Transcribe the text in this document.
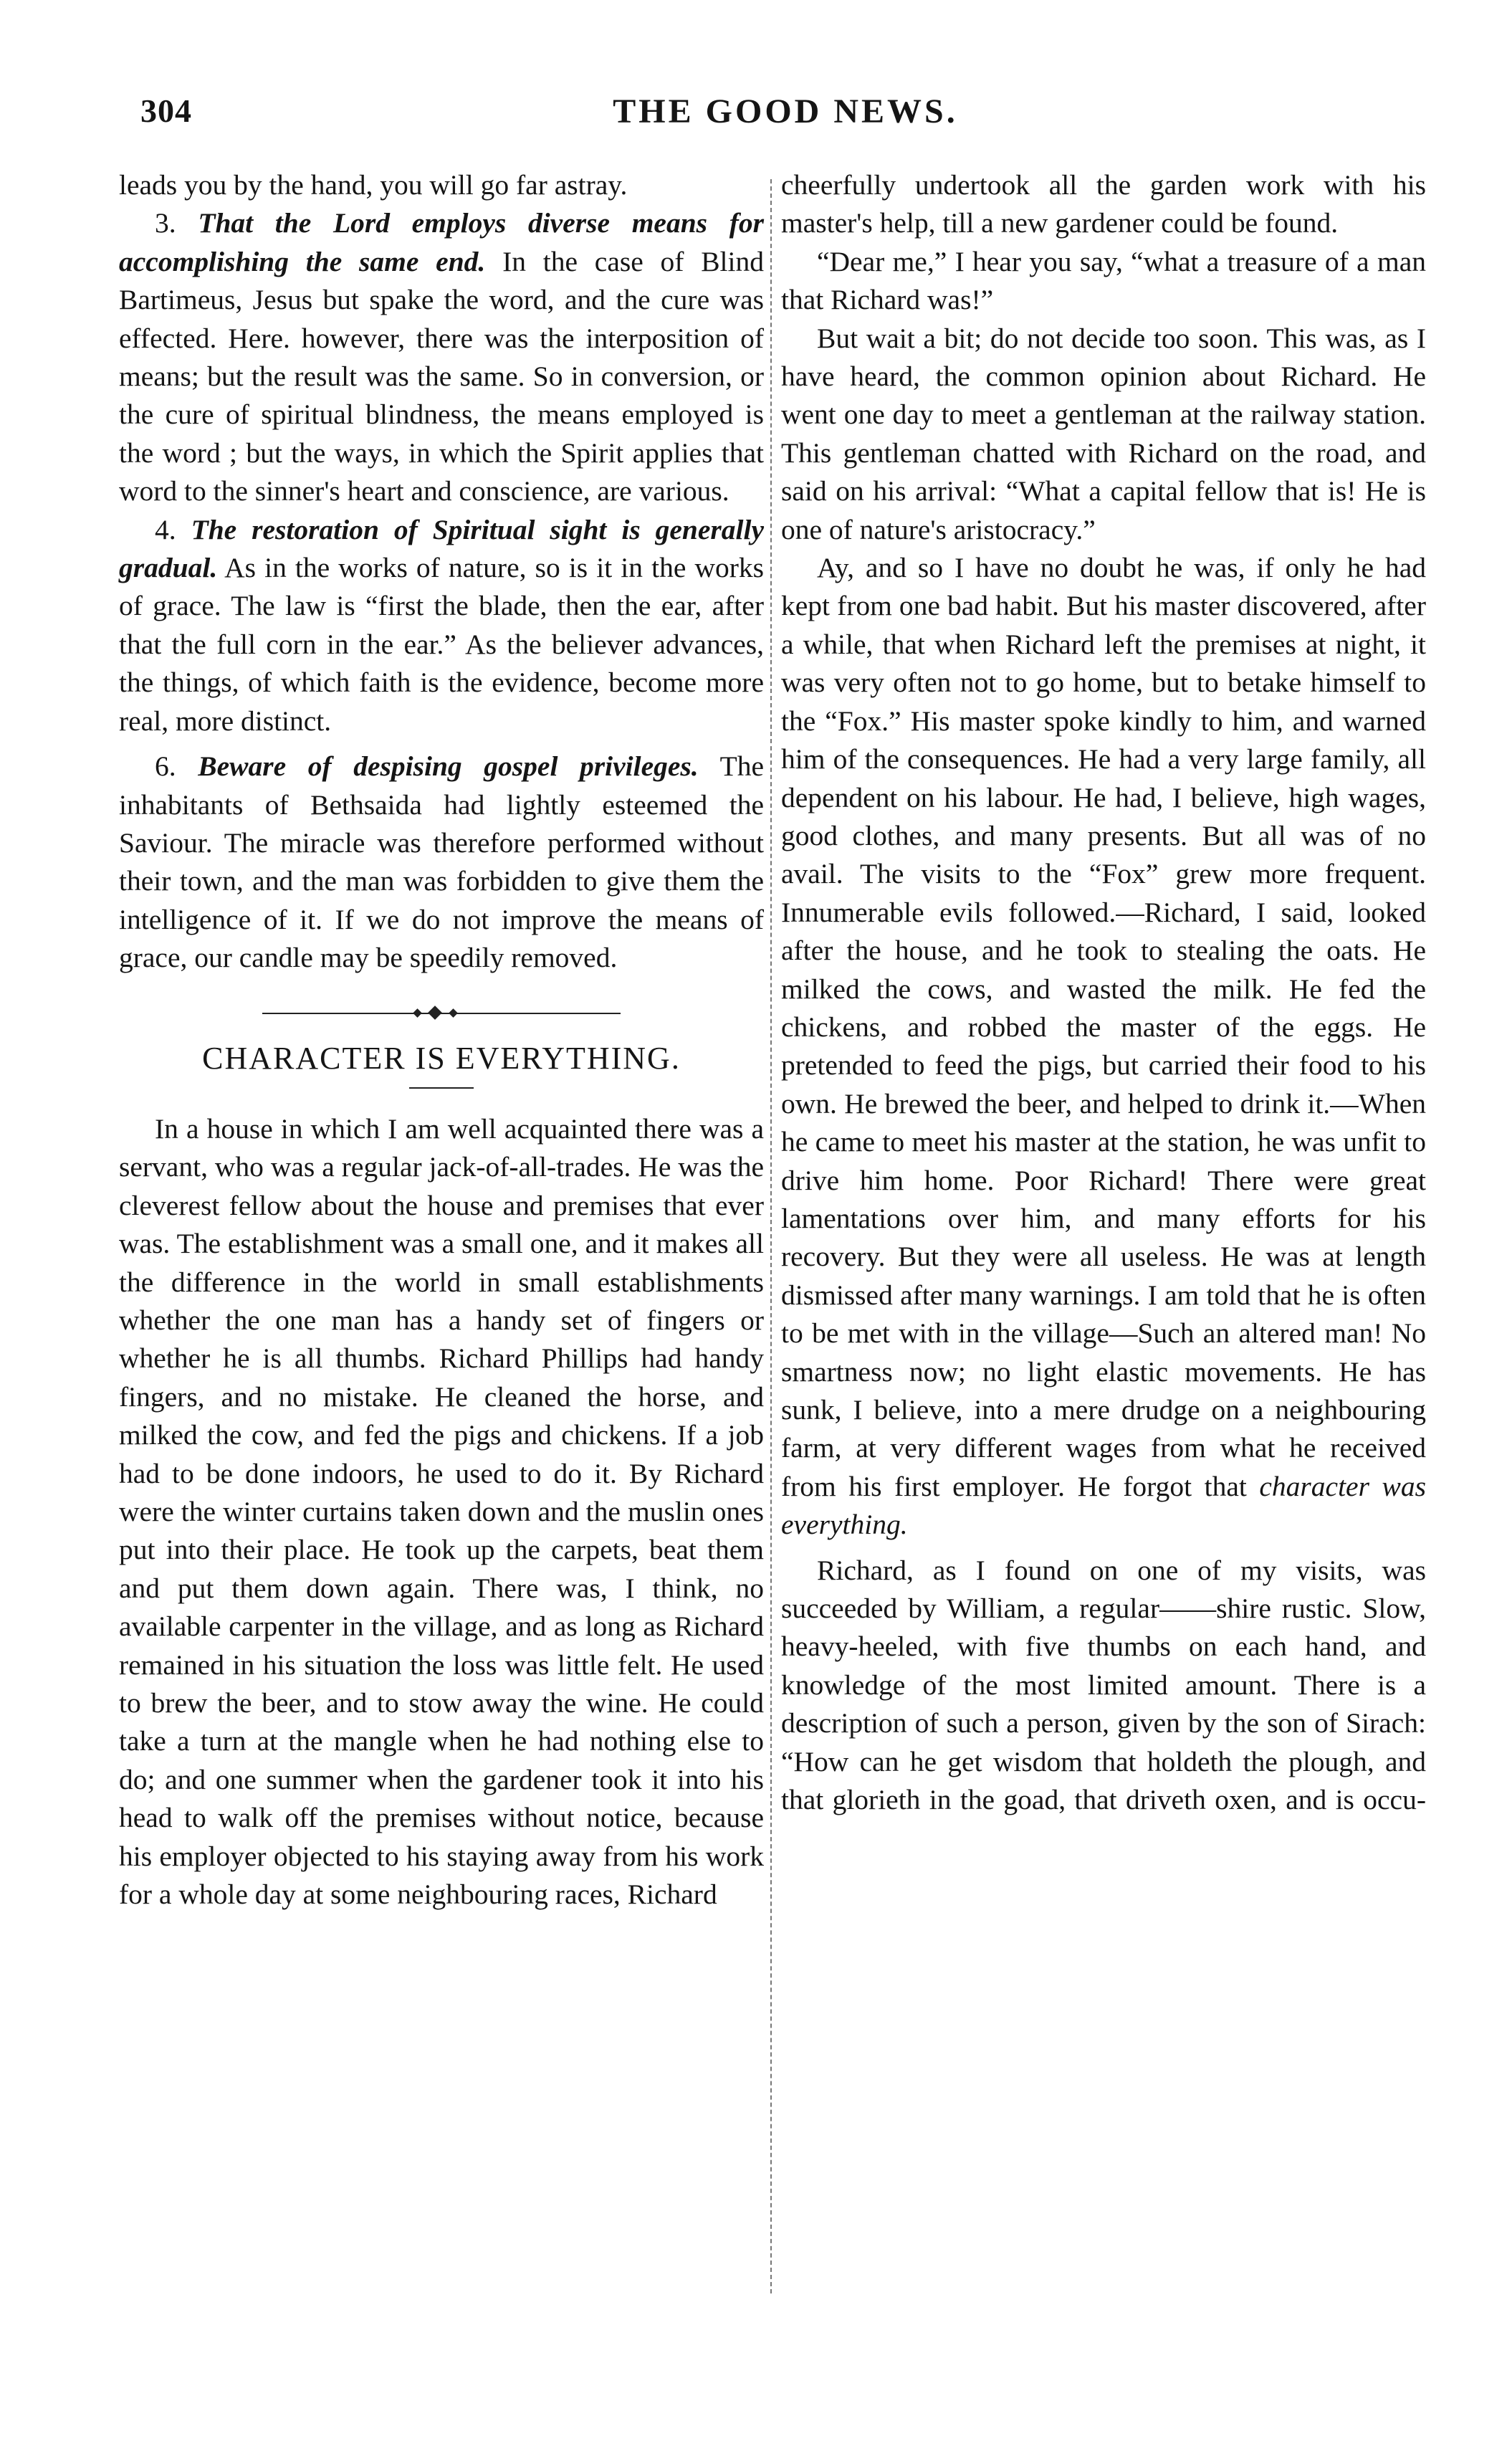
304	THE GOOD NEWS.

leads you by the hand, you will go far astray.

3. That the Lord employs diverse means for accomplishing the same end. In the case of Blind Bartimeus, Jesus but spake the word, and the cure was effected. Here. however, there was the interposition of means; but the result was the same. So in conversion, or the cure of spiritual blindness, the means employed is the word ; but the ways, in which the Spirit applies that word to the sinner's heart and conscience, are various.

4. The restoration of Spiritual sight is generally gradual. As in the works of nature, so is it in the works of grace. The law is “first the blade, then the ear, after that the full corn in the ear.” As the believer advances, the things, of which faith is the evidence, become more real, more distinct.

6. Beware of despising gospel privileges. The inhabitants of Bethsaida had lightly esteemed the Saviour. The miracle was therefore performed without their town, and the man was forbidden to give them the intelligence of it. If we do not improve the means of grace, our candle may be speedily removed.

CHARACTER IS EVERYTHING.

In a house in which I am well acquainted there was a servant, who was a regular jack-of-all-trades. He was the cleverest fellow about the house and premises that ever was. The establishment was a small one, and it makes all the difference in the world in small establishments whether the one man has a handy set of fingers or whether he is all thumbs. Richard Phillips had handy fingers, and no mistake. He cleaned the horse, and milked the cow, and fed the pigs and chickens. If a job had to be done indoors, he used to do it. By Richard were the winter curtains taken down and the muslin ones put into their place. He took up the carpets, beat them and put them down again. There was, I think, no available carpenter in the village, and as long as Richard remained in his situation the loss was little felt. He used to brew the beer, and to stow away the wine. He could take a turn at the mangle when he had nothing else to do; and one summer when the gardener took it into his head to walk off the premises without notice, because his employer objected to his staying away from his work for a whole day at some neighbouring races, Richard

cheerfully undertook all the garden work with his master's help, till a new gardener could be found.

“Dear me,” I hear you say, “what a treasure of a man that Richard was!”

But wait a bit; do not decide too soon. This was, as I have heard, the common opinion about Richard. He went one day to meet a gentleman at the railway station. This gentleman chatted with Richard on the road, and said on his arrival: “What a capital fellow that is! He is one of nature's aristocracy.”

Ay, and so I have no doubt he was, if only he had kept from one bad habit. But his master discovered, after a while, that when Richard left the premises at night, it was very often not to go home, but to betake himself to the “Fox.” His master spoke kindly to him, and warned him of the consequences. He had a very large family, all dependent on his labour. He had, I believe, high wages, good clothes, and many presents. But all was of no avail. The visits to the “Fox” grew more frequent. Innumerable evils followed.—Richard, I said, looked after the house, and he took to stealing the oats. He milked the cows, and wasted the milk. He fed the chickens, and robbed the master of the eggs. He pretended to feed the pigs, but carried their food to his own. He brewed the beer, and helped to drink it.—When he came to meet his master at the station, he was unfit to drive him home. Poor Richard! There were great lamentations over him, and many efforts for his recovery. But they were all useless. He was at length dismissed after many warnings. I am told that he is often to be met with in the village—Such an altered man! No smartness now; no light elastic movements. He has sunk, I believe, into a mere drudge on a neighbouring farm, at very different wages from what he received from his first employer. He forgot that character was everything.

Richard, as I found on one of my visits, was succeeded by William, a regular——shire rustic. Slow, heavy-heeled, with five thumbs on each hand, and knowledge of the most limited amount. There is a description of such a person, given by the son of Sirach: “How can he get wisdom that holdeth the plough, and that glorieth in the goad, that driveth oxen, and is occu-
